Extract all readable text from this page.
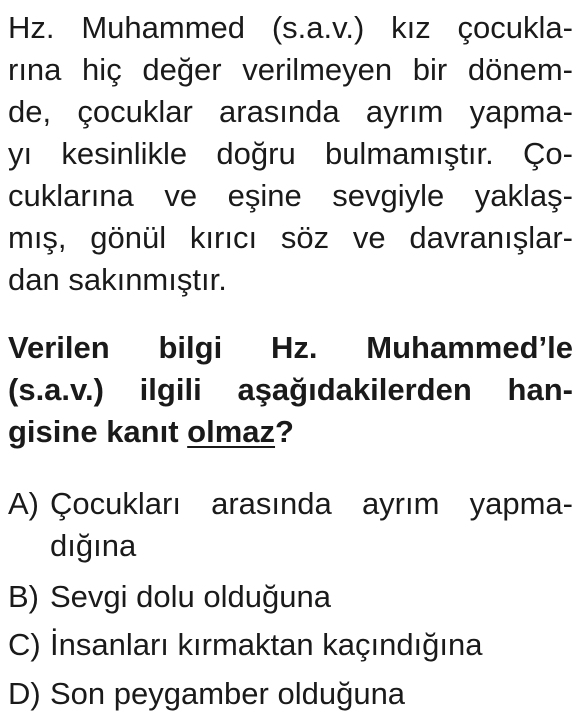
Hz. Muhammed (s.a.v.) kız çocukla-
rına hiç değer verilmeyen bir dönem-
de, çocuklar arasında ayrım yapma-
yı kesinlikle doğru bulmamıştır. Ço-
cuklarına ve eşine sevgiyle yaklaş-
mış, gönül kırıcı söz ve davranışlar-
dan sakınmıştır.
Verilen bilgi Hz. Muhammed’le
(s.a.v.) ilgili aşağıdakilerden han-
gisine kanıt olmaz?
A) Çocukları arasında ayrım yapma-
dığına
B) Sevgi dolu olduğuna
C) İnsanları kırmaktan kaçındığına
D) Son peygamber olduğuna
